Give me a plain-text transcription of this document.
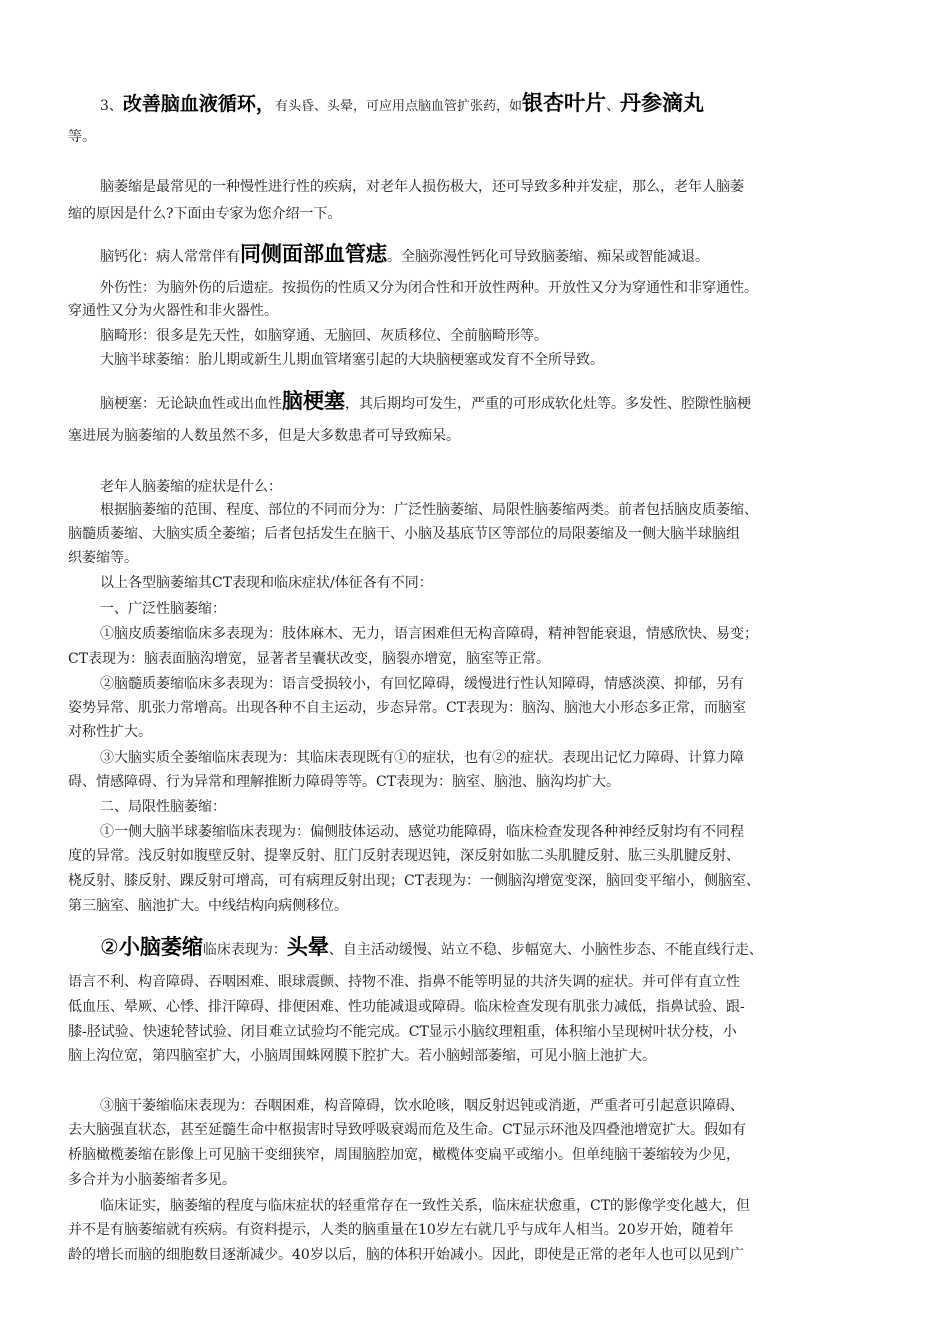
3、改善脑血液循环，有头昏、头晕，可应用点脑血管扩张药，如银杏叶片、丹参滴丸
等。
脑萎缩是最常见的一种慢性进行性的疾病，对老年人损伤极大，还可导致多种并发症，那么，老年人脑萎
缩的原因是什么?下面由专家为您介绍一下。
脑钙化：病人常常伴有同侧面部血管痣。全脑弥漫性钙化可导致脑萎缩、痴呆或智能减退。
外伤性：为脑外伤的后遗症。按损伤的性质又分为闭合性和开放性两种。开放性又分为穿通性和非穿通性。
穿通性又分为火器性和非火器性。
脑畸形：很多是先天性，如脑穿通、无脑回、灰质移位、全前脑畸形等。
大脑半球萎缩：胎儿期或新生儿期血管堵塞引起的大块脑梗塞或发育不全所导致。
脑梗塞：无论缺血性或出血性脑梗塞，其后期均可发生，严重的可形成软化灶等。多发性、腔隙性脑梗
塞进展为脑萎缩的人数虽然不多，但是大多数患者可导致痴呆。
老年人脑萎缩的症状是什么：
根据脑萎缩的范围、程度、部位的不同而分为：广泛性脑萎缩、局限性脑萎缩两类。前者包括脑皮质萎缩、
脑髓质萎缩、大脑实质全萎缩；后者包括发生在脑干、小脑及基底节区等部位的局限萎缩及一侧大脑半球脑组
织萎缩等。
以上各型脑萎缩其CT表现和临床症状/体征各有不同：
一、广泛性脑萎缩：
①脑皮质萎缩临床多表现为：肢体麻木、无力，语言困难但无构音障碍，精神智能衰退，情感欣快、易变；
CT表现为：脑表面脑沟增宽，显著者呈囊状改变，脑裂亦增宽，脑室等正常。
②脑髓质萎缩临床多表现为：语言受损较小，有回忆障碍，缓慢进行性认知障碍，情感淡漠、抑郁，另有
姿势异常、肌张力常增高。出现各种不自主运动，步态异常。CT表现为：脑沟、脑池大小形态多正常，而脑室
对称性扩大。
③大脑实质全萎缩临床表现为：其临床表现既有①的症状，也有②的症状。表现出记忆力障碍、计算力障
碍、情感障碍、行为异常和理解推断力障碍等等。CT表现为：脑室、脑池、脑沟均扩大。
二、局限性脑萎缩：
①一侧大脑半球萎缩临床表现为：偏侧肢体运动、感觉功能障碍，临床检查发现各种神经反射均有不同程
度的异常。浅反射如腹壁反射、提睾反射、肛门反射表现迟钝，深反射如肱二头肌腱反射、肱三头肌腱反射、
桡反射、膝反射、踝反射可增高，可有病理反射出现；CT表现为：一侧脑沟增宽变深，脑回变平缩小，侧脑室、
第三脑室、脑池扩大。中线结构向病侧移位。
②小脑萎缩临床表现为：头晕、自主活动缓慢、站立不稳、步幅宽大、小脑性步态、不能直线行走、
语言不利、构音障碍、吞咽困难、眼球震颤、持物不准、指鼻不能等明显的共济失调的症状。并可伴有直立性
低血压、晕厥、心悸、排汗障碍、排便困难、性功能减退或障碍。临床检查发现有肌张力减低，指鼻试验、跟-
膝-胫试验、快速轮替试验、闭目难立试验均不能完成。CT显示小脑纹理粗重，体积缩小呈现树叶状分枝，小
脑上沟位宽，第四脑室扩大，小脑周围蛛网膜下腔扩大。若小脑蚓部萎缩，可见小脑上池扩大。
③脑干萎缩临床表现为：吞咽困难，构音障碍，饮水呛咳，咽反射迟钝或消逝，严重者可引起意识障碍、
去大脑强直状态，甚至延髓生命中枢损害时导致呼吸衰竭而危及生命。CT显示环池及四叠池增宽扩大。假如有
桥脑橄榄萎缩在影像上可见脑干变细狭窄，周围脑腔加宽，橄榄体变扁平或缩小。但单纯脑干萎缩较为少见，
多合并为小脑萎缩者多见。
临床证实，脑萎缩的程度与临床症状的轻重常存在一致性关系，临床症状愈重，CT的影像学变化越大，但
并不是有脑萎缩就有疾病。有资料提示，人类的脑重量在10岁左右就几乎与成年人相当。20岁开始，随着年
龄的增长而脑的细胞数目逐渐减少。40岁以后，脑的体积开始减小。因此，即使是正常的老年人也可以见到广
